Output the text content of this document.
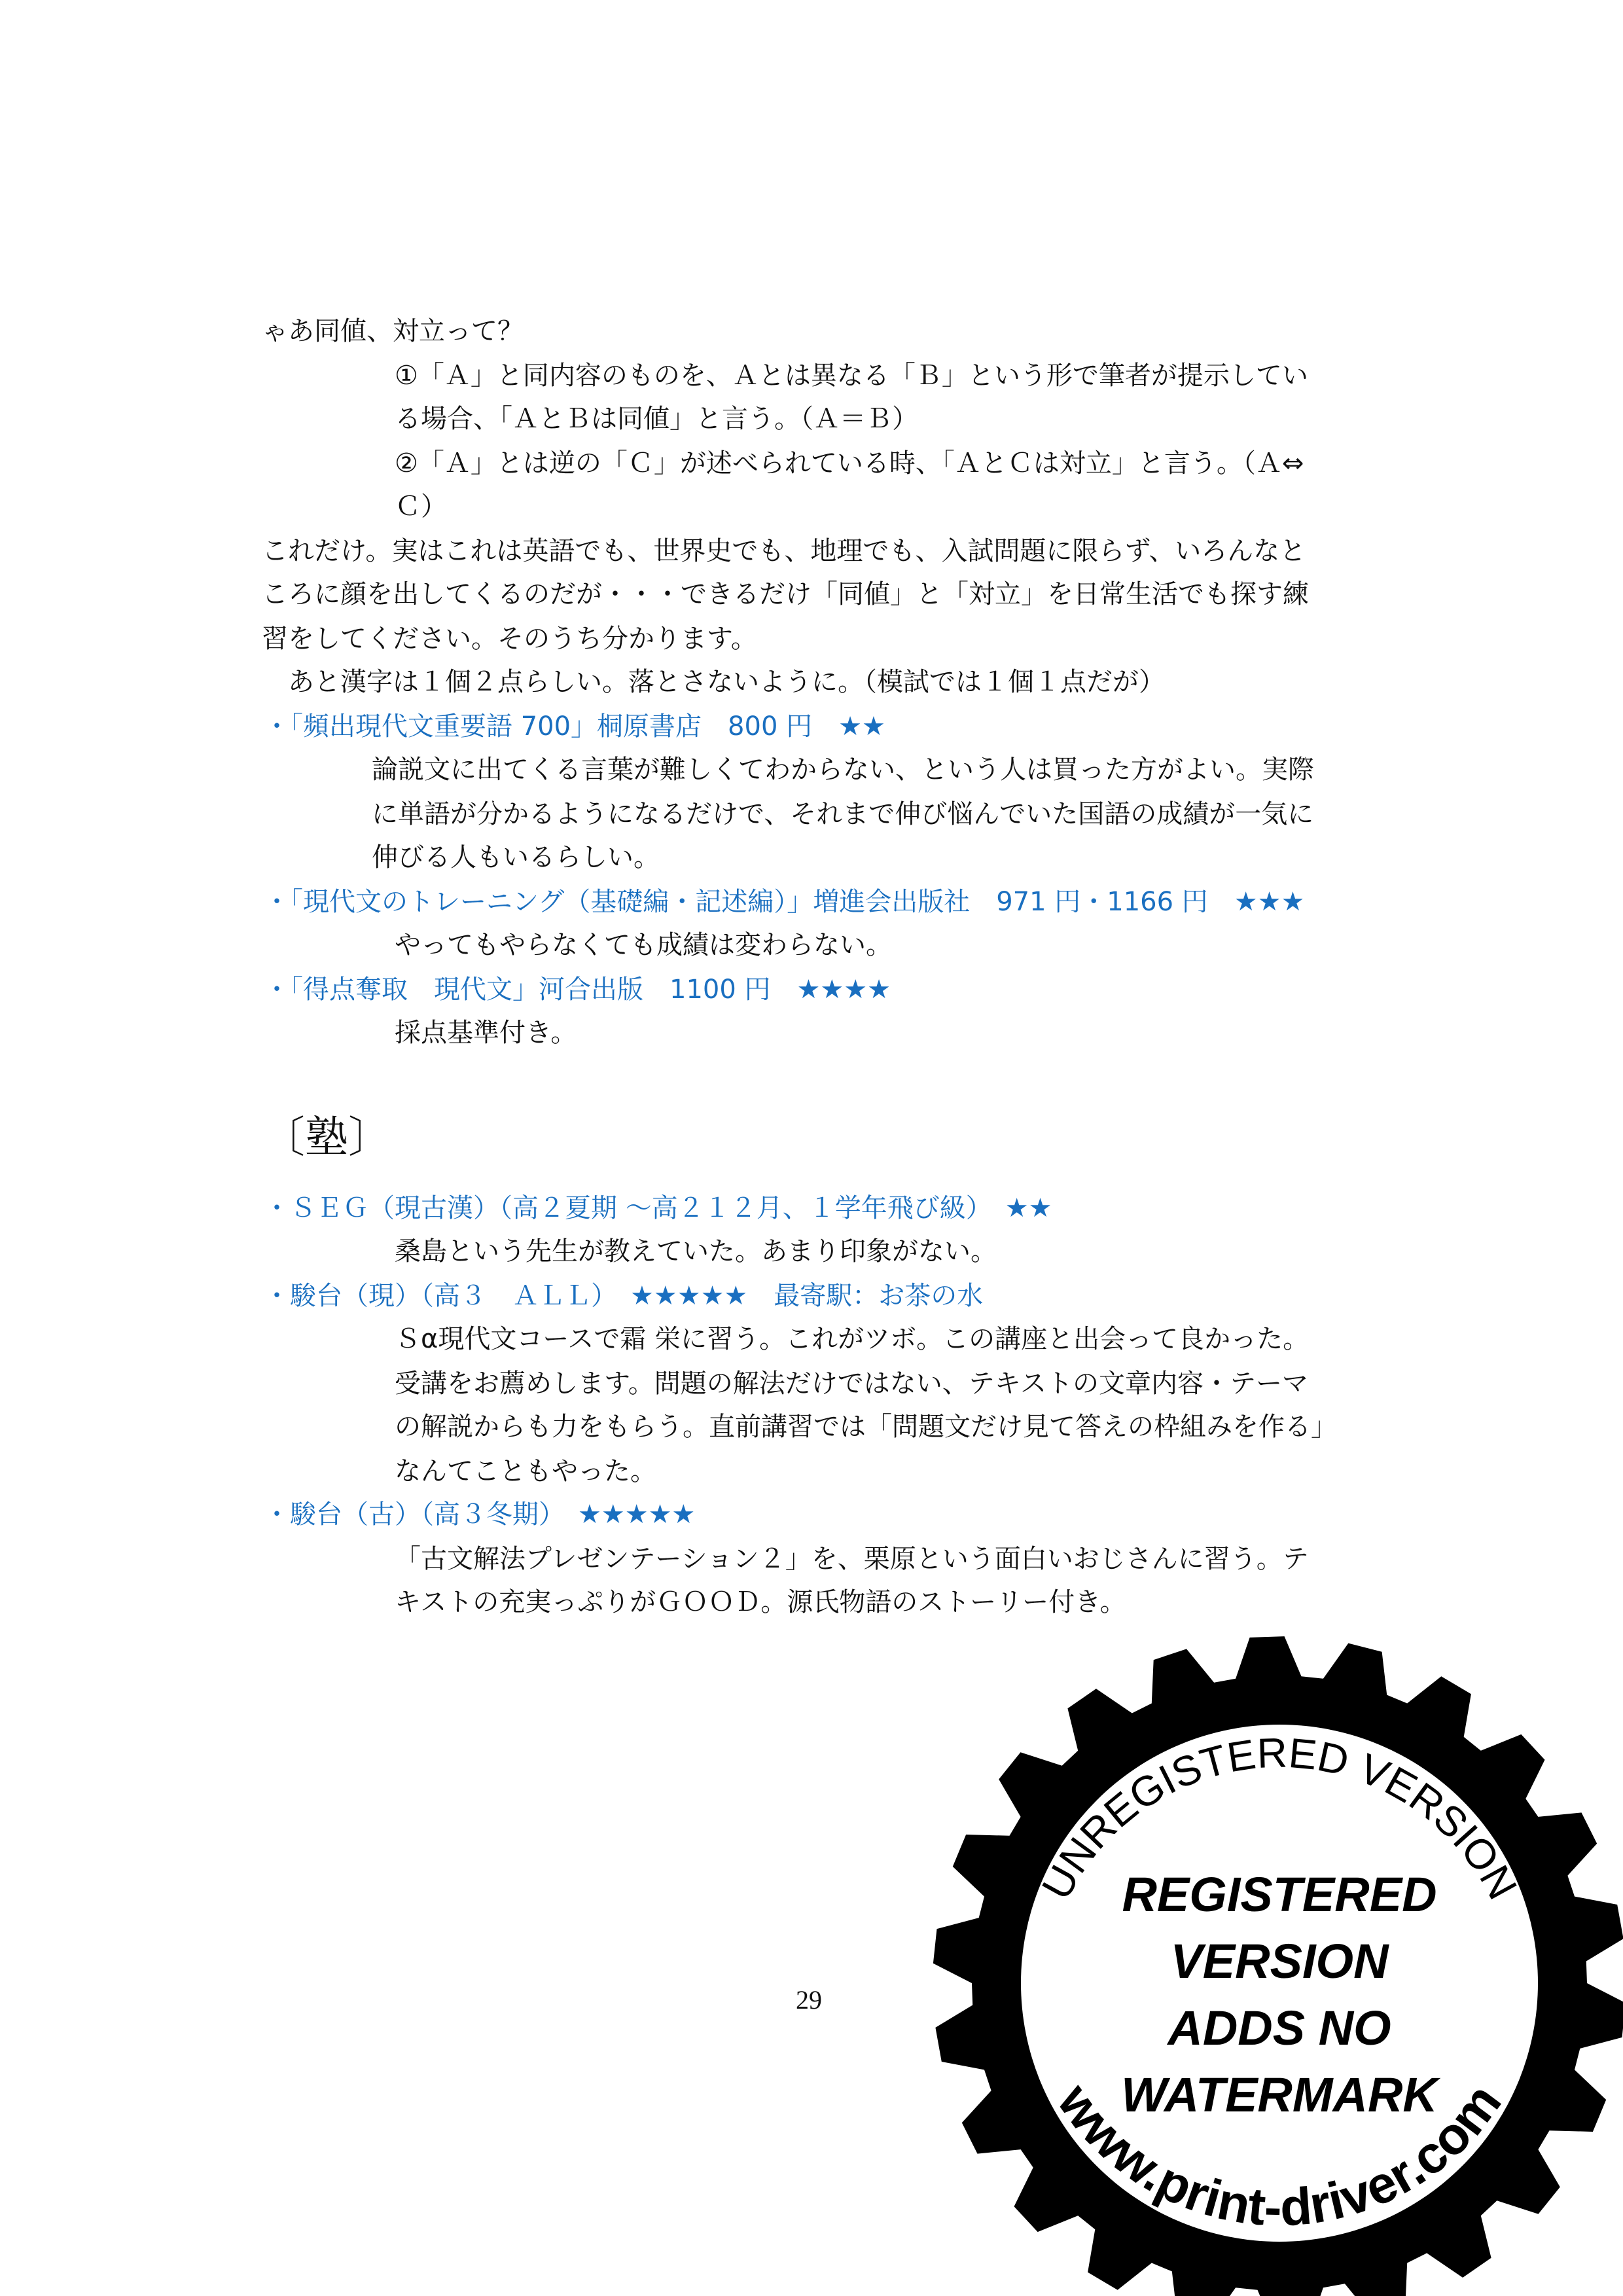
ゃあ同値、対立って？
①「Ａ」と同内容のものを、Ａとは異なる「Ｂ」という形で筆者が提示してい
る場合、「ＡとＢは同値」と言う。（Ａ＝Ｂ）
②「Ａ」とは逆の「Ｃ」が述べられている時、「ＡとＣは対立」と言う。（Ａ⇔
Ｃ）
これだけ。実はこれは英語でも、世界史でも、地理でも、入試問題に限らず、いろんなと
ころに顔を出してくるのだが・・・できるだけ「同値」と「対立」を日常生活でも探す練
習をしてください。そのうち分かります。
あと漢字は１個２点らしい。落とさないように。（模試では１個１点だが）
・「頻出現代文重要語 700」桐原書店　800 円　★★
論説文に出てくる言葉が難しくてわからない、という人は買った方がよい。実際
に単語が分かるようになるだけで、それまで伸び悩んでいた国語の成績が一気に
伸びる人もいるらしい。
・「現代文のトレーニング（基礎編・記述編）」増進会出版社　971 円・1166 円　★★★
やってもやらなくても成績は変わらない。
・「得点奪取　現代文」河合出版　1100 円　★★★★
採点基準付き。
〔塾〕
・ＳＥＧ（現古漢）（高２夏期 ～高２１２月、１学年飛び級）　★★
桑島という先生が教えていた。あまり印象がない。
・駿台（現）（高３　ＡＬＬ）　★★★★★　最寄駅：お茶の水
Ｓα現代文コースで霜 栄に習う。これがツボ。この講座と出会って良かった。
受講をお薦めします。問題の解法だけではない、テキストの文章内容・テーマ
の解説からも力をもらう。直前講習では「問題文だけ見て答えの枠組みを作る」
なんてこともやった。
・駿台（古）（高３冬期）　★★★★★
「古文解法プレゼンテーション２」を、栗原という面白いおじさんに習う。テ
キストの充実っぷりがＧＯＯＤ。源氏物語のストーリー付き。
29
UNREGISTERED VERSION
REGISTERED
VERSION
ADDS NO
WATERMARK
www.print-driver.com
